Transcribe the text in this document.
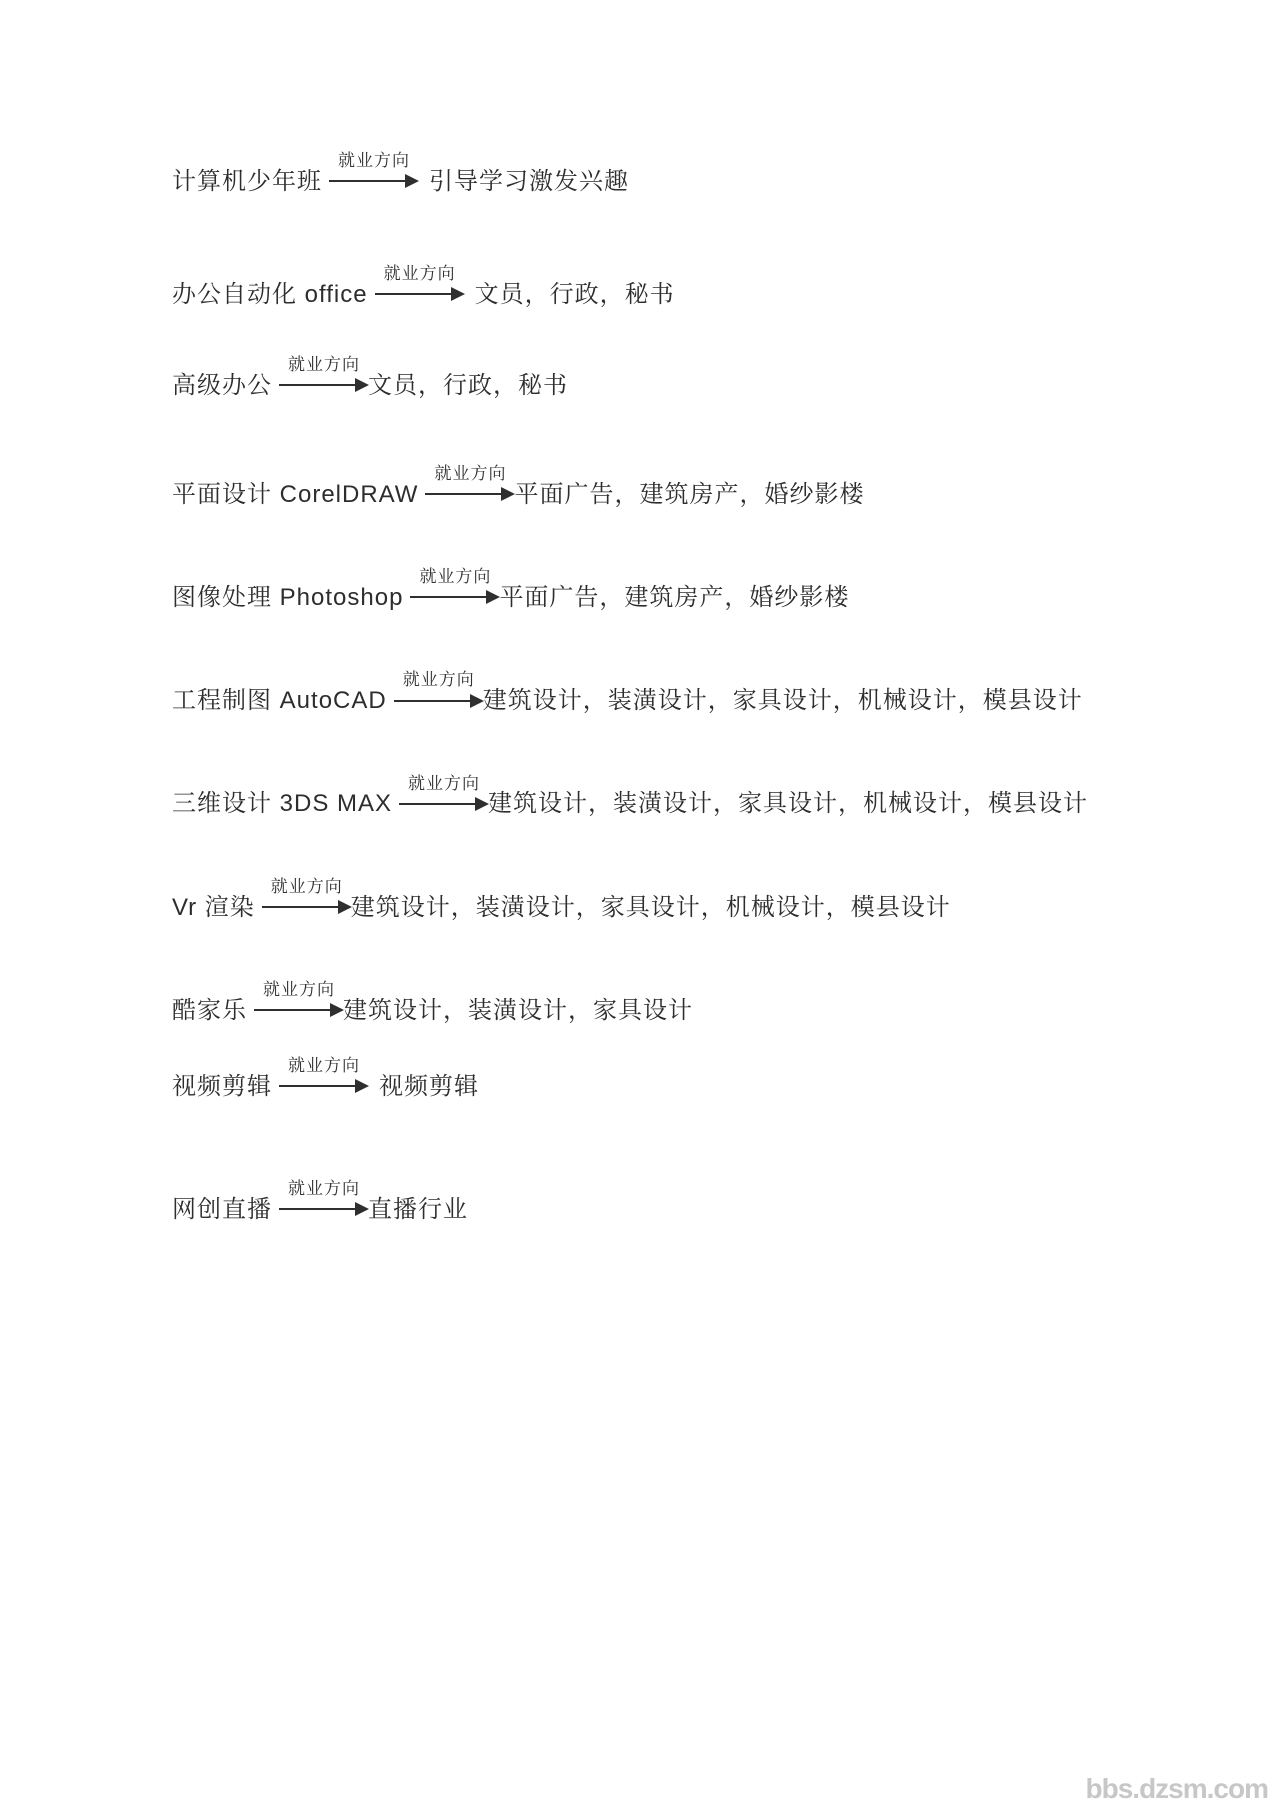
计算机少年班
就业方向
引导学习激发兴趣
办公自动化 office
就业方向
文员，行政，秘书
高级办公
就业方向
文员，行政，秘书
平面设计 CorelDRAW
就业方向
平面广告，建筑房产，婚纱影楼
图像处理 Photoshop
就业方向
平面广告，建筑房产，婚纱影楼
工程制图 AutoCAD
就业方向
建筑设计，装潢设计，家具设计，机械设计，模县设计
三维设计 3DS MAX
就业方向
建筑设计，装潢设计，家具设计，机械设计，模县设计
Vr 渲染
就业方向
建筑设计，装潢设计，家具设计，机械设计，模县设计
酷家乐
就业方向
建筑设计，装潢设计，家具设计
视频剪辑
就业方向
视频剪辑
网创直播
就业方向
直播行业
bbs.dzsm.com
